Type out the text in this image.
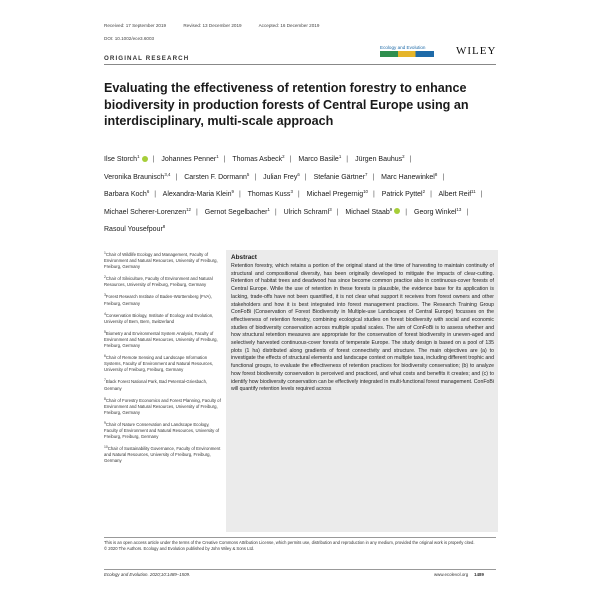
Received: 17 September 2019	Revised: 13 December 2019	Accepted: 16 December 2019
DOI: 10.1002/ece3.6003
ORIGINAL RESEARCH
Ecology and Evolution	WILEY
Evaluating the effectiveness of retention forestry to enhance biodiversity in production forests of Central Europe using an interdisciplinary, multi-scale approach
Ilse Storch$^1$ | Johannes Penner$^1$ | Thomas Asbeck$^2$ | Marco Basile$^1$ | Jürgen Bauhus$^2$ | Veronika Braunisch$^{3,4}$ | Carsten F. Dormann$^5$ | Julian Frey$^6$ | Stefanie Gärtner$^7$ | Marc Hanewinkel$^8$ | Barbara Koch$^6$ | Alexandra-Maria Klein$^9$ | Thomas Kuss$^3$ | Michael Pregernig$^{10}$ | Patrick Pyttel$^2$ | Albert Reif$^{11}$ | Michael Scherer-Lorenzen$^{12}$ | Gernot Segelbacher$^1$ | Ulrich Schraml$^3$ | Michael Staab$^9$ | Georg Winkel$^{13}$ | Rasoul Yousefpour$^8$
$^1$Chair of Wildlife Ecology and Management, Faculty of Environment and Natural Resources, University of Freiburg, Freiburg, Germany
$^2$Chair of Silviculture, Faculty of Environment and Natural Resources, University of Freiburg, Freiburg, Germany
$^3$Forest Research Institute of Baden-Württemberg (FVA), Freiburg, Germany
$^4$Conservation Biology, Institute of Ecology and Evolution, University of Bern, Bern, Switzerland
$^5$Biometry and Environmental System Analysis, Faculty of Environment and Natural Resources, University of Freiburg, Freiburg, Germany
$^6$Chair of Remote Sensing and Landscape Information Systems, Faculty of Environment and Natural Resources, University of Freiburg, Freiburg, Germany
$^7$Black Forest National Park, Bad Peterstal-Griesbach, Germany
$^8$Chair of Forestry Economics and Forest Planning, Faculty of Environment and Natural Resources, University of Freiburg, Freiburg, Germany
$^9$Chair of Nature Conservation and Landscape Ecology, Faculty of Environment and Natural Resources, University of Freiburg, Freiburg, Germany
$^{10}$Chair of Sustainability Governance, Faculty of Environment and Natural Resources, University of Freiburg, Freiburg, Germany
Abstract
Retention forestry, which retains a portion of the original stand at the time of harvesting to maintain continuity of structural and compositional diversity, has been originally developed to mitigate the impacts of clear-cutting. Retention of habitat trees and deadwood has since become common practice also in continuous-cover forests of Central Europe. While the use of retention in these forests is plausible, the evidence base for its application is lacking, trade-offs have not been quantified, it is not clear what support it receives from forest owners and other stakeholders and how it is best integrated into forest management practices. The Research Training Group ConFoBi (Conservation of Forest Biodiversity in Multiple-use Landscapes of Central Europe) focusses on the effectiveness of retention forestry, combining ecological studies on forest biodiversity with social and economic studies of biodiversity conservation across multiple spatial scales. The aim of ConFoBi is to assess whether and how structural retention measures are appropriate for the conservation of forest biodiversity in uneven-aged and selectively harvested continuous-cover forests of temperate Europe. The study design is based on a pool of 135 plots (1 ha) distributed along gradients of forest connectivity and structure. The main objectives are (a) to investigate the effects of structural elements and landscape context on multiple taxa, including different trophic and functional groups, to evaluate the effectiveness of retention practices for biodiversity conservation; (b) to analyze how forest biodiversity conservation is perceived and practiced, and what costs and benefits it creates; and (c) to identify how biodiversity conservation can be effectively integrated in multi-functional forest management. ConFoBi will quantify retention levels required across
This is an open access article under the terms of the Creative Commons Attribution License, which permits use, distribution and reproduction in any medium, provided the original work is properly cited.
© 2020 The Authors. Ecology and Evolution published by John Wiley & Sons Ltd.
Ecology and Evolution. 2020;10:1489–1509.	www.ecolevol.org 1489
